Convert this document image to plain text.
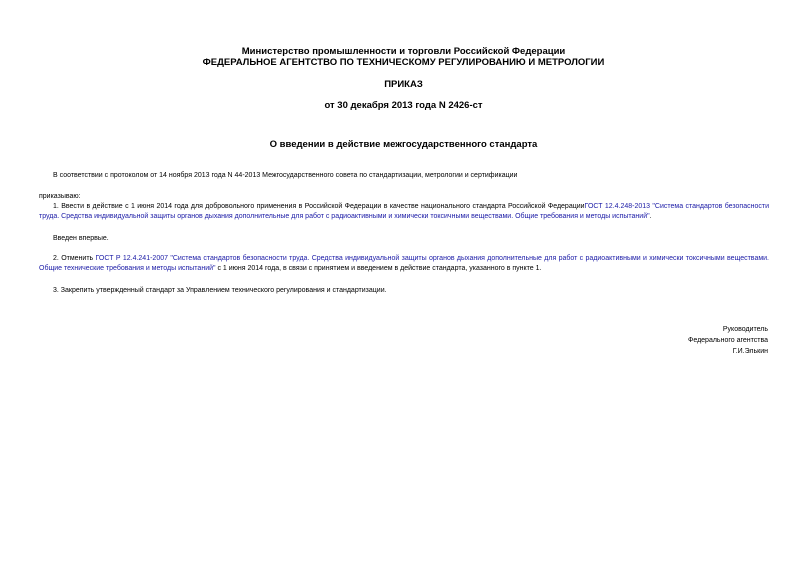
Министерство промышленности и торговли Российской Федерации
ФЕДЕРАЛЬНОЕ АГЕНТСТВО ПО ТЕХНИЧЕСКОМУ РЕГУЛИРОВАНИЮ И МЕТРОЛОГИИ
ПРИКАЗ
от 30 декабря 2013 года N 2426-ст
О введении в действие межгосударственного стандарта
В соответствии с протоколом от 14 ноября 2013 года N 44-2013 Межгосударственного совета по стандартизации, метрологии и сертификации
приказываю:
1. Ввести в действие с 1 июня 2014 года для добровольного применения в Российской Федерации в качестве национального стандарта Российской ФедерацииГОСТ 12.4.248-2013 "Система стандартов безопасности труда. Средства индивидуальной защиты органов дыхания дополнительные для работ с радиоактивными и химически токсичными веществами. Общие требования и методы испытаний".
Введен впервые.
2. Отменить ГОСТ Р 12.4.241-2007 "Система стандартов безопасности труда. Средства индивидуальной защиты органов дыхания дополнительные для работ с радиоактивными и химически токсичными веществами. Общие технические требования и методы испытаний" с 1 июня 2014 года, в связи с принятием и введением в действие стандарта, указанного в пункте 1.
3. Закрепить утвержденный стандарт за Управлением технического регулирования и стандартизации.
Руководитель
Федерального агентства
Г.И.Элькин
